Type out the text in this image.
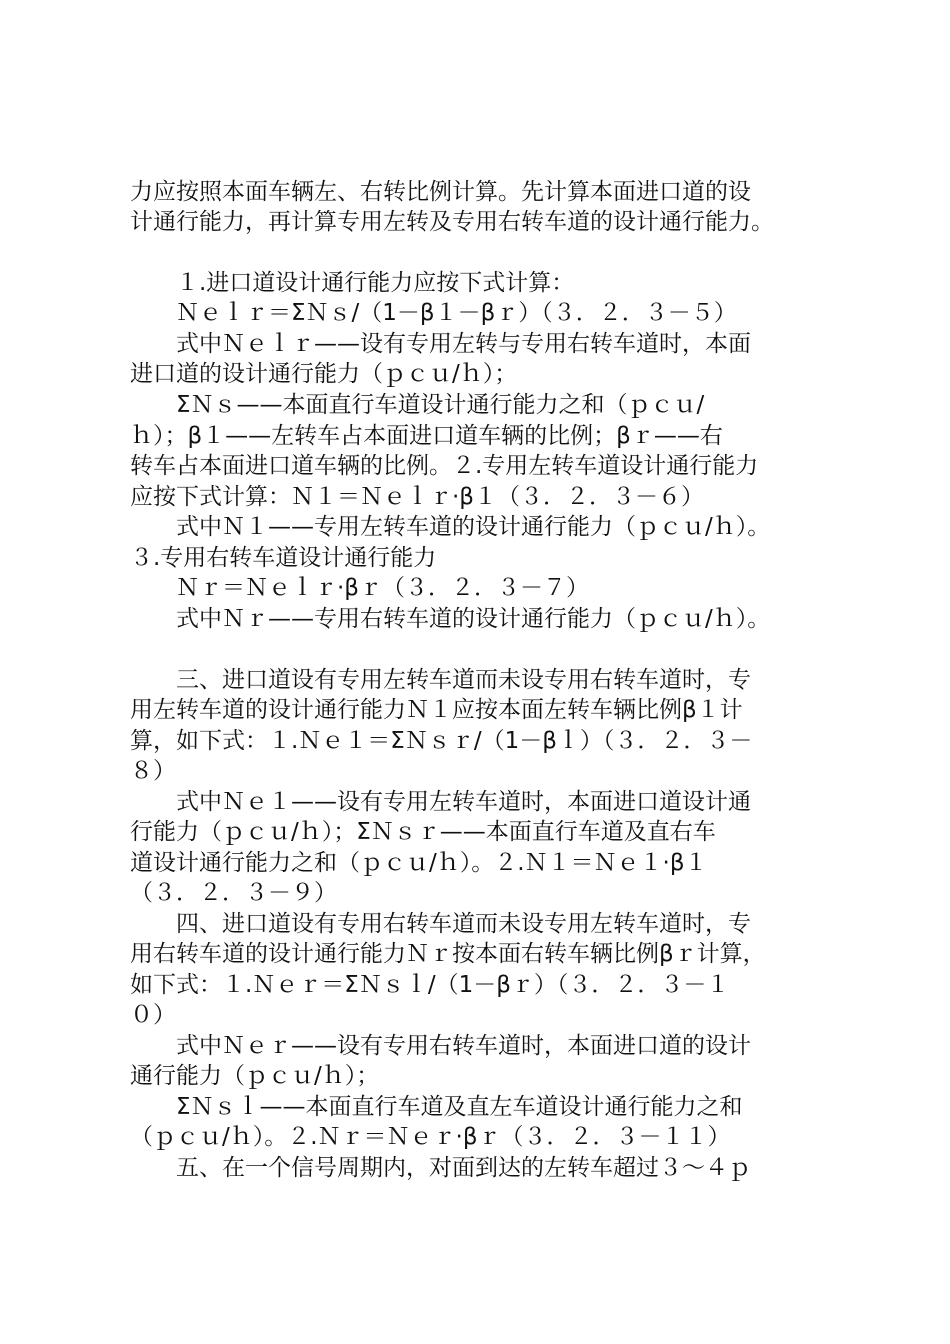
力应按照本面车辆左、右转比例计算。先计算本面进口道的设
计通行能力，再计算专用左转及专用右转车道的设计通行能力。
　　１.进口道设计通行能力应按下式计算：
　　Ｎｅｌｒ＝ΣＮｓ/（1－β１－βｒ）（３．２．３－５）
　　式中Ｎｅｌｒ——设有专用左转与专用右转车道时，本面
进口道的设计通行能力（ｐｃｕ/ｈ）；
　　ΣＮｓ——本面直行车道设计通行能力之和（ｐｃｕ/
ｈ）；β１——左转车占本面进口道车辆的比例；βｒ——右
转车占本面进口道车辆的比例。２.专用左转车道设计通行能力
应按下式计算：Ｎ１＝Ｎｅｌｒ·β１（３．２．３－６）
　　式中Ｎ１——专用左转车道的设计通行能力（ｐｃｕ/ｈ）。
３.专用右转车道设计通行能力
　　Ｎｒ＝Ｎｅｌｒ·βｒ（３．２．３－７）
　　式中Ｎｒ——专用右转车道的设计通行能力（ｐｃｕ/ｈ）。
　　三、进口道设有专用左转车道而未设专用右转车道时，专
用左转车道的设计通行能力Ｎ１应按本面左转车辆比例β１计
算，如下式：１.Ｎｅ１＝ΣＮｓｒ/（1－βｌ）（３．２．３－
８）
　　式中Ｎｅ１——设有专用左转车道时，本面进口道设计通
行能力（ｐｃｕ/ｈ）；ΣＮｓｒ——本面直行车道及直右车
道设计通行能力之和（ｐｃｕ/ｈ）。２.Ｎ１＝Ｎｅ１·β１
（３．２．３－９）
　　四、进口道设有专用右转车道而未设专用左转车道时，专
用右转车道的设计通行能力Ｎｒ按本面右转车辆比例βｒ计算，
如下式：１.Ｎｅｒ＝ΣＮｓｌ/（1－βｒ）（３．２．３－１
０）
　　式中Ｎｅｒ——设有专用右转车道时，本面进口道的设计
通行能力（ｐｃｕ/ｈ）；
　　ΣＮｓｌ——本面直行车道及直左车道设计通行能力之和
（ｐｃｕ/ｈ）。２.Ｎｒ＝Ｎｅｒ·βｒ（３．２．３－１１）
　　五、在一个信号周期内，对面到达的左转车超过３～４ｐ
